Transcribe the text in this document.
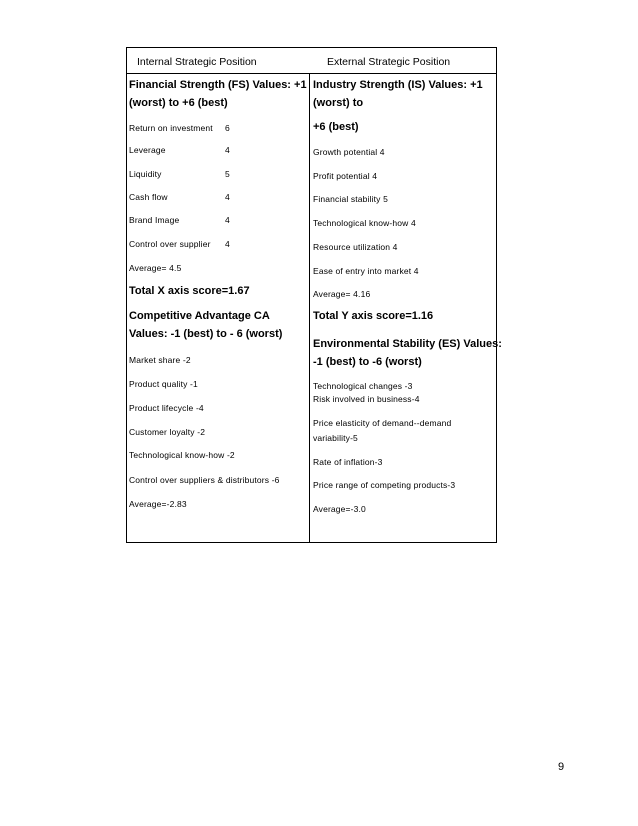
Internal Strategic Position	External Strategic Position
Financial Strength (FS) Values: +1
(worst) to +6 (best)
Return on investment 6
Leverage	4
Liquidity	5
Cash flow	4
Brand Image	4
Control over supplier 4
Average= 4.5
Total X axis score=1.67
Competitive Advantage CA
Values: -1 (best) to - 6 (worst)
Market share -2
Product quality -1
Product lifecycle -4
Customer loyalty -2
Technological know-how -2
Control over suppliers & distributors -6
Average=-2.83
Industry Strength (IS) Values: +1
(worst) to
+6 (best)
Growth potential 4
Profit potential 4
Financial stability 5
Technological know-how 4
Resource utilization 4
Ease of entry into market 4
Average= 4.16
Total Y axis score=1.16
Environmental Stability (ES) Values:
-1 (best) to -6 (worst)
Technological changes -3
Risk involved in business-4
Price elasticity of demand--demand
variability-5
Rate of inflation-3
Price range of competing products-3
Average=-3.0
9
